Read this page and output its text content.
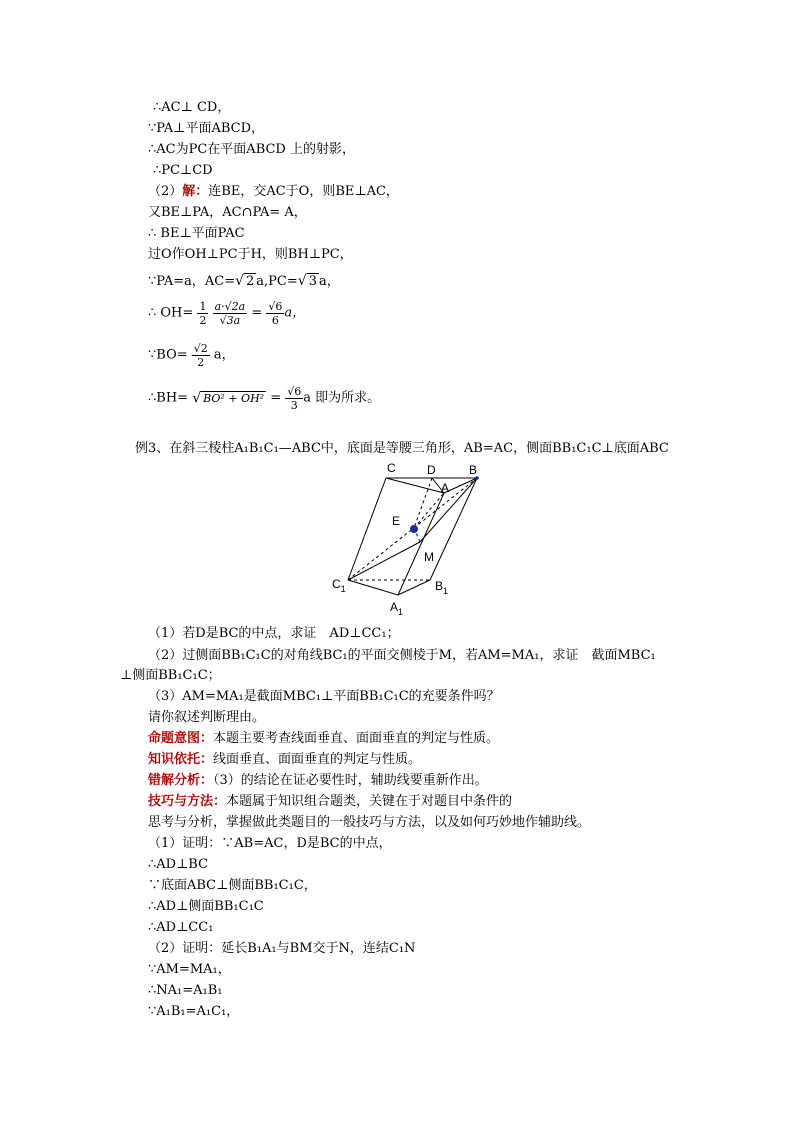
∴AC⊥ CD，
∵PA⊥平面ABCD，
∴AC为PC在平面ABCD 上的射影，
∴PC⊥CD
（2）解：连BE，交AC于O，则BE⊥AC，
又BE⊥PA，AC∩PA= A，
∴ BE⊥平面PAC
过O作OH⊥PC于H，则BH⊥PC，
∵PA=a，AC=√ 2 a,PC=√ 3 a，
∴ $OH= \frac{1}{2}$
$\frac{a\cdot√2a}{√3a} = \frac{√6}{6}$ a，
∵BO= $\frac{√2}{2}$ a，
∴BH= √ $BO^2 + OH^2 = \frac{√6}{3}$ a 即为所求。
例3、在斜三棱柱A₁B₁C₁—ABC中，底面是等腰三角形，AB=AC，侧面BB₁C₁C⊥底面ABC
C	D	B
A
E
M
$C_1$	$B_1$
$A_1$
（1）若D是BC的中点，求证　AD⊥CC₁；
（2）过侧面BB₁C₁C的对角线BC₁的平面交侧棱于M，若AM=MA₁，求证　截面MBC₁
⊥侧面BB₁C₁C；
（3）AM=MA₁是截面MBC₁⊥平面BB₁C₁C的充要条件吗？
请你叙述判断理由。
命题意图：本题主要考查线面垂直、面面垂直的判定与性质。
知识依托：线面垂直、面面垂直的判定与性质。
错解分析：（3）的结论在证必要性时，辅助线要重新作出。
技巧与方法：本题属于知识组合题类，关键在于对题目中条件的
思考与分析，掌握做此类题目的一般技巧与方法，以及如何巧妙地作辅助线。
（1）证明：∵AB=AC，D是BC的中点，
∴AD⊥BC
∵底面ABC⊥侧面BB₁C₁C，
∴AD⊥侧面BB₁C₁C
∴AD⊥CC₁
（2）证明：延长B₁A₁与BM交于N，连结C₁N
∵AM=MA₁，
∴NA₁=A₁B₁
∵A₁B₁=A₁C₁，
